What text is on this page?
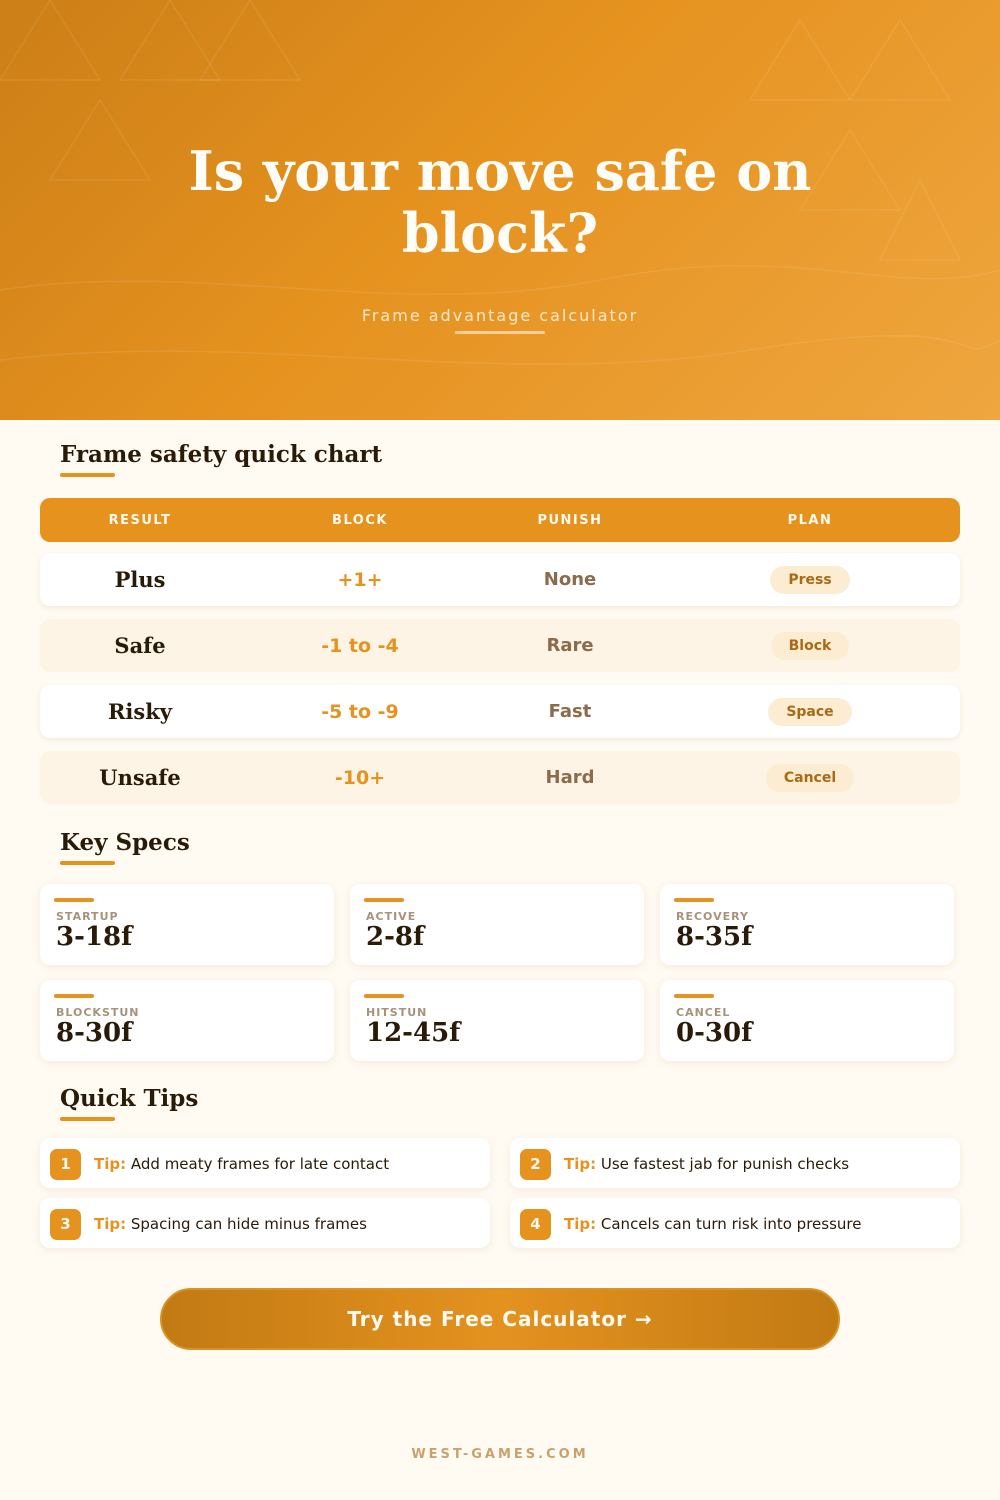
Is your move safe on block?
Frame advantage calculator
Frame safety quick chart
RESULT	BLOCK	PUNISH	PLAN
Plus	+1+	None	Press
Safe	-1 to -4	Rare	Block
Risky	-5 to -9	Fast	Space
Unsafe	-10+	Hard	Cancel
Key Specs
STARTUP
3-18f
ACTIVE
2-8f
RECOVERY
8-35f
BLOCKSTUN
8-30f
HITSTUN
12-45f
CANCEL
0-30f
Quick Tips
1	Tip: Add meaty frames for late contact	2	Tip: Use fastest jab for punish checks
3	Tip: Spacing can hide minus frames	4	Tip: Cancels can turn risk into pressure
Try the Free Calculator →
WEST-GAMES.COM
